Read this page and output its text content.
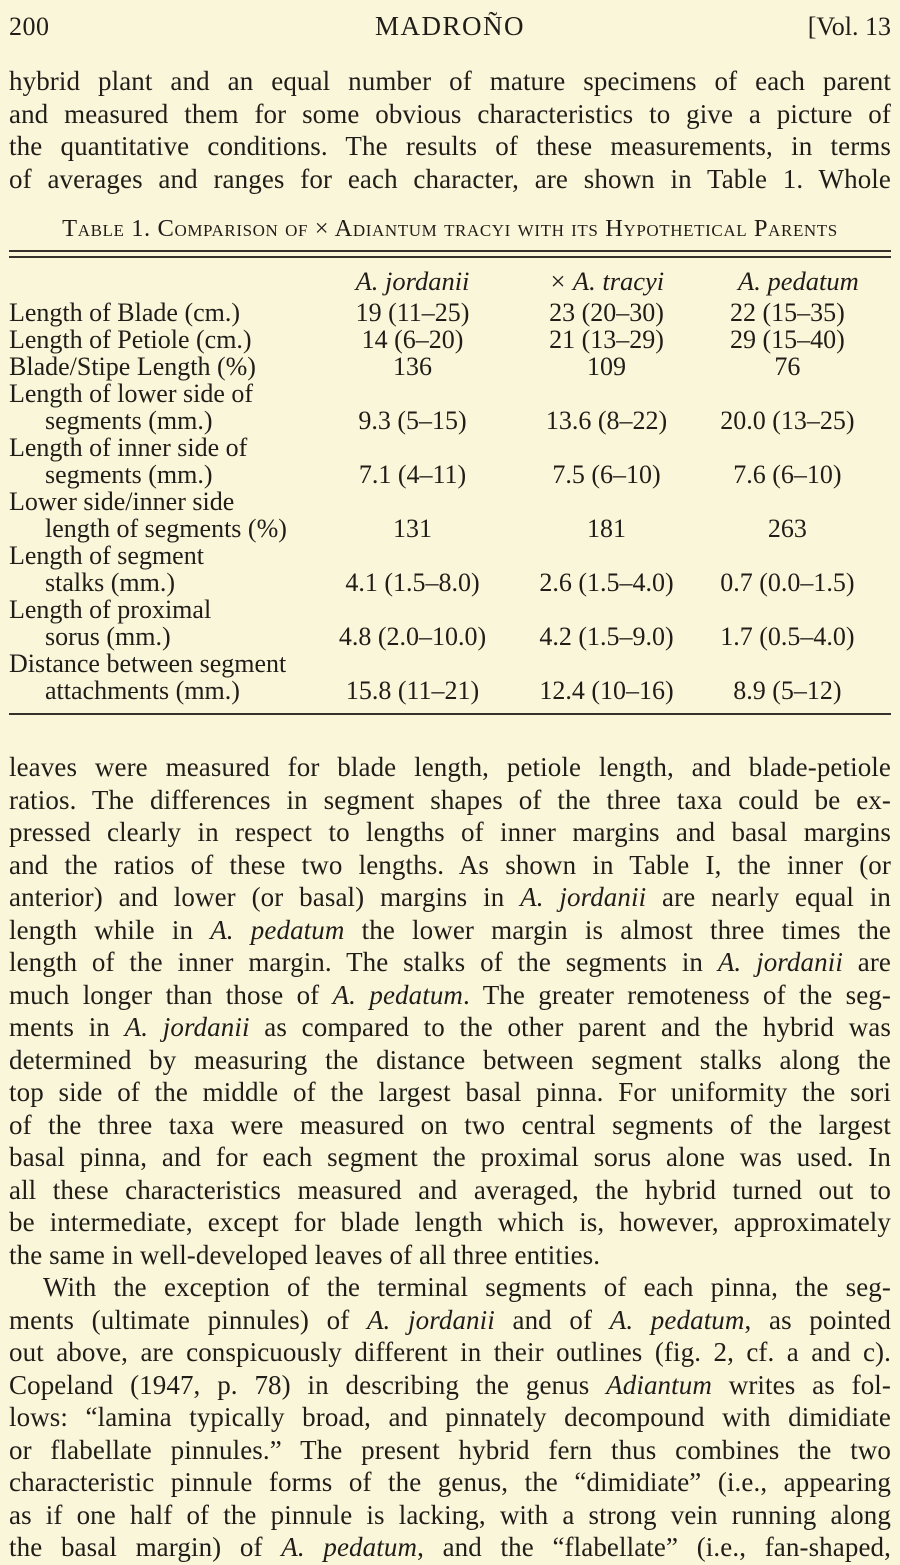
200	MADROÑO	[Vol. 13
hybrid plant and an equal number of mature specimens of each parent
and measured them for some obvious characteristics to give a picture of
the quantitative conditions. The results of these measurements, in terms
of averages and ranges for each character, are shown in Table 1. Whole
Table 1. Comparison of × Adiantum tracyi with its Hypothetical Parents
	A. jordanii	× A. tracyi	A. pedatum

Length of Blade (cm.)	19 (11–25)	23 (20–30)	22 (15–35)

Length of Petiole (cm.)	14 (6–20)	21 (13–29)	29 (15–40)

Blade/Stipe Length (%)	136	109	76

Length of lower side of
segments (mm.)	9.3 (5–15)	13.6 (8–22)	20.0 (13–25)

Length of inner side of
segments (mm.)	7.1 (4–11)	7.5 (6–10)	7.6 (6–10)

Lower side/inner side
length of segments (%)	131	181	263

Length of segment
stalks (mm.)	4.1 (1.5–8.0)	2.6 (1.5–4.0)	0.7 (0.0–1.5)

Length of proximal
sorus (mm.)	4.8 (2.0–10.0)	4.2 (1.5–9.0)	1.7 (0.5–4.0)

Distance between segment
attachments (mm.)	15.8 (11–21)	12.4 (10–16)	8.9 (5–12)
leaves were measured for blade length, petiole length, and blade-petiole
ratios. The differences in segment shapes of the three taxa could be ex-
pressed clearly in respect to lengths of inner margins and basal margins
and the ratios of these two lengths. As shown in Table I, the inner (or
anterior) and lower (or basal) margins in A. jordanii are nearly equal in
length while in A. pedatum the lower margin is almost three times the
length of the inner margin. The stalks of the segments in A. jordanii are
much longer than those of A. pedatum. The greater remoteness of the seg-
ments in A. jordanii as compared to the other parent and the hybrid was
determined by measuring the distance between segment stalks along the
top side of the middle of the largest basal pinna. For uniformity the sori
of the three taxa were measured on two central segments of the largest
basal pinna, and for each segment the proximal sorus alone was used. In
all these characteristics measured and averaged, the hybrid turned out to
be intermediate, except for blade length which is, however, approximately
the same in well-developed leaves of all three entities.
With the exception of the terminal segments of each pinna, the seg-
ments (ultimate pinnules) of A. jordanii and of A. pedatum, as pointed
out above, are conspicuously different in their outlines (fig. 2, cf. a and c).
Copeland (1947, p. 78) in describing the genus Adiantum writes as fol-
lows: “lamina typically broad, and pinnately decompound with dimidiate
or flabellate pinnules.” The present hybrid fern thus combines the two
characteristic pinnule forms of the genus, the “dimidiate” (i.e., appearing
as if one half of the pinnule is lacking, with a strong vein running along
the basal margin) of A. pedatum, and the “flabellate” (i.e., fan-shaped,
